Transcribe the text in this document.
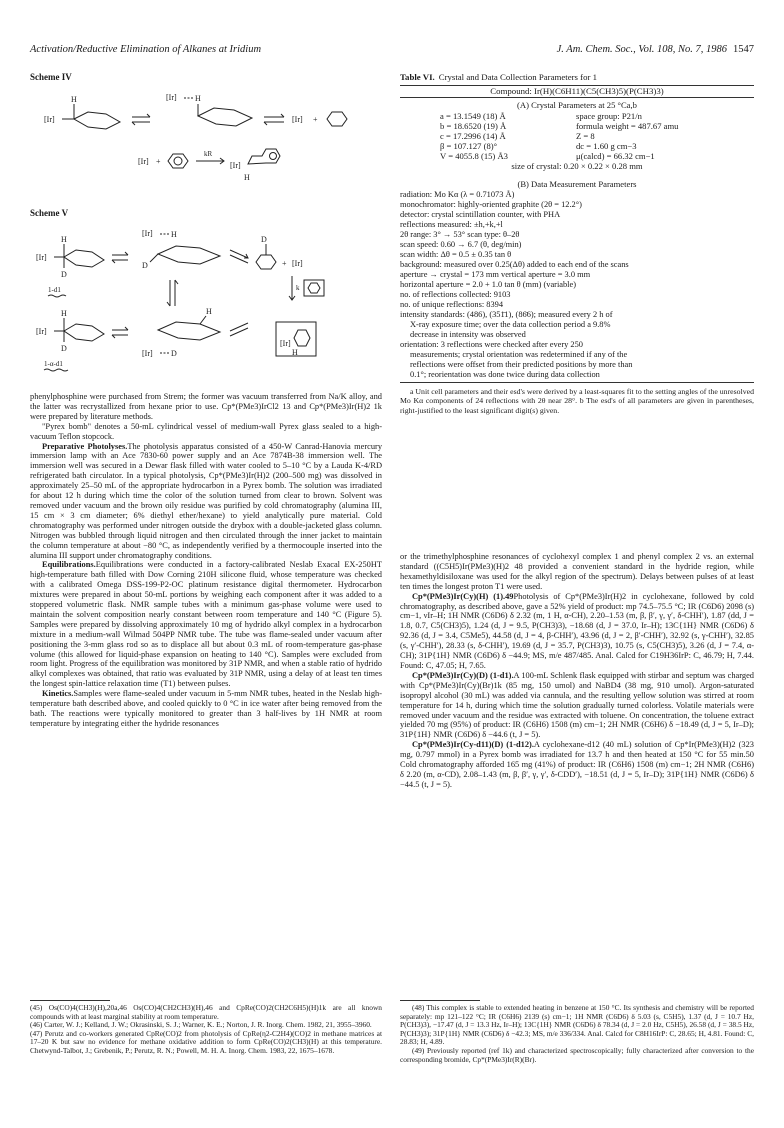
Activation/Reductive Elimination of Alkanes at Iridium	J. Am. Chem. Soc., Vol. 108, No. 7, 1986 1547
Scheme IV
[Ir]
H	[Ir] H
[Ir] +
[Ir] +
kR
[Ir]
H
Scheme V
[Ir]
H
D
1-d1
[Ir] H
D
D
+ [Ir]
k
[Ir]
H
D
1-α-d1
H
[Ir] D
[Ir]
H

phenylphosphine were purchased from Strem; the former was vacuum transferred from Na/K alloy, and the latter was recrystallized from hexane prior to use. Cp*(PMe3)IrCl2 13 and Cp*(PMe3)Ir(H)2 1k were prepared by literature methods.

"Pyrex bomb" denotes a 50-mL cylindrical vessel of medium-wall Pyrex glass sealed to a high-vacuum Teflon stopcock.

Preparative Photolyses.The photolysis apparatus consisted of a 450-W Canrad-Hanovia mercury immersion lamp with an Ace 7830-60 power supply and an Ace 7874B-38 immersion well. The immersion well was secured in a Dewar flask filled with water cooled to 5–10 °C by a Lauda K-4/RD refrigerated bath circulator. In a typical photolysis, Cp*(PMe3)Ir(H)2 (200–500 mg) was dissolved in approximately 25–50 mL of the appropriate hydrocarbon in a Pyrex bomb. The solution was irradiated for about 12 h during which time the color of the solution turned from clear to brown. Solvent was removed under vacuum and the brown oily residue was purified by cold chromatography (alumina III, 15 cm × 3 cm diameter; 6% diethyl ether/hexane) to yield analytically pure material. Cold chromatography was performed under nitrogen outside the drybox with a double-jacketed glass column. Nitrogen was bubbled through liquid nitrogen and then circulated through the inner jacket to maintain the column temperature at about −80 °C, as independently verified by a thermocouple inserted into the alumina III support under chromatography conditions.

Equilibrations.Equilibrations were conducted in a factory-calibrated Neslab Exacal EX-250HT high-temperature bath filled with Dow Corning 210H silicone fluid, whose temperature was checked with a calibrated Omega DSS-199-P2-OC platinum resistance digital thermometer. Hydrocarbon mixtures were prepared in about 50-mL portions by weighing each component after it was added to a stoppered volumetric flask. NMR sample tubes with a minimum gas-phase volume were used to maintain the solvent composition nearly constant between room temperature and 140 °C (Figure 5). Samples were prepared by dissolving approximately 10 mg of hydrido alkyl complex in a hydrocarbon mixture in a medium-wall Wilmad 504PP NMR tube. The tube was flame-sealed under vacuum after positioning the 3-mm glass rod so as to displace all but about 0.3 mL of room-temperature gas-phase volume (this allowed for liquid-phase expansion on heating to 140 °C). Samples were excluded from room light. Progress of the equilibration was monitored by 31P NMR, and when a stable ratio of hydrido alkyl complexes was obtained, that ratio was evaluated by 31P NMR, using a delay of at least ten times the longest spin-lattice relaxation time (T1) between pulses.

Kinetics.Samples were flame-sealed under vacuum in 5-mm NMR tubes, heated in the Neslab high-temperature bath described above, and cooled quickly to 0 °C in ice water after being removed from the bath. The reactions were typically monitored to greater than 3 half-lives by 1H NMR at room temperature by integrating either the hydride resonances

(45) Os(CO)4(CH3)(H),20a,46 Os(CO)4(CH2CH3)(H),46 and CpRe(CO)2(CH2C6H5)(H)1k are all known compounds with at least marginal stability at room temperature.

(46) Carter, W. J.; Kelland, J. W.; Okrasinski, S. J.; Warner, K. E.; Norton, J. R. Inorg. Chem. 1982, 21, 3955–3960.

(47) Perutz and co-workers generated CpRe(CO)2 from photolysis of CpRe(η2-C2H4)(CO)2 in methane matrices at 17–20 K but saw no evidence for methane oxidative addition to form CpRe(CO)2(CH3)(H) at this temperature. Chetwynd-Talbot, J.; Grebenik, P.; Perutz, R. N.; Powell, M. H. A. Inorg. Chem. 1983, 22, 1675–1678.

Table VI. Crystal and Data Collection Parameters for 1
Compound: Ir(H)(C6H11)(C5(CH3)5)(P(CH3)3)
(A) Crystal Parameters at 25 °Ca,b
a = 13.1549 (18) Å	space group: P21/n
b = 18.6520 (19) Å	formula weight = 487.67 amu
c = 17.2996 (14) Å	Z = 8
β = 107.127 (8)°	dc = 1.60 g cm−3
V = 4055.8 (15) Å3	μ(calcd) = 66.32 cm−1
size of crystal: 0.20 × 0.22 × 0.28 mm
(B) Data Measurement Parameters
radiation: Mo Kα (λ = 0.71073 Å)
monochromator: highly-oriented graphite (2θ = 12.2°)
detector: crystal scintillation counter, with PHA
reflections measured: ±h,+k,+l
2θ range: 3° → 53° scan type: θ–2θ
scan speed: 0.60 → 6.7 (θ, deg/min)
scan width: Δθ = 0.5 ± 0.35 tan θ
background: measured over 0.25(Δθ) added to each end of the scans
aperture → crystal = 173 mm vertical aperture = 3.0 mm
horizontal aperture = 2.0 + 1.0 tan θ (mm) (variable)
no. of reflections collected: 9103
no. of unique reflections: 8394
intensity standards: (486), (351̄1), (86̄6); measured every 2 h of
X-ray exposure time; over the data collection period a 9.8%
decrease in intensity was observed
orientation: 3 reflections were checked after every 250
measurements; crystal orientation was redetermined if any of the
reflections were offset from their predicted positions by more than
0.1°; reorientation was done twice during data collection
a Unit cell parameters and their esd's were derived by a least-squares fit to the setting angles of the unresolved Mo Kα components of 24 reflections with 2θ near 28°. b The esd's of all parameters are given in parentheses, right-justified to the least significant digit(s) given.

or the trimethylphosphine resonances of cyclohexyl complex 1 and phenyl complex 2 vs. an external standard ((C5H5)Ir(PMe3)(H)2 48 provided a convenient standard in the hydride region, while hexamethyldisiloxane was used for the alkyl region of the spectrum). Delays between pulses of at least ten times the longest proton T1 were used.

Cp*(PMe3)Ir(Cy)(H) (1).49Photolysis of Cp*(PMe3)Ir(H)2 in cyclohexane, followed by cold chromatography, as described above, gave a 52% yield of product: mp 74.5–75.5 °C; IR (C6D6) 2098 (s) cm−1, νIr–H; 1H NMR (C6D6) δ 2.32 (m, 1 H, α-CH), 2.20–1.53 (m, β, β′, γ, γ′, δ-CHH′), 1.87 (dd, J = 1.8, 0.7, C5(CH3)5), 1.24 (d, J = 9.5, P(CH3)3), −18.68 (d, J = 37.0, Ir–H); 13C{1H} NMR (C6D6) δ 92.36 (d, J = 3.4, C5Me5), 44.58 (d, J = 4, β-CHH′), 43.96 (d, J = 2, β′-CHH′), 32.92 (s, γ-CHH′), 32.85 (s, γ′-CHH′), 28.33 (s, δ-CHH′), 19.69 (d, J = 35.7, P(CH3)3), 10.75 (s, C5(CH3)5), 3.26 (d, J = 7.4, α-CH); 31P{1H} NMR (C6D6) δ −44.9; MS, m/e 487/485. Anal. Calcd for C19H36IrP: C, 46.79; H, 7.44. Found: C, 47.05; H, 7.65.

Cp*(PMe3)Ir(Cy)(D) (1-d1).A 100-mL Schlenk flask equipped with stirbar and septum was charged with Cp*(PMe3)Ir(Cy)(Br)1k (85 mg, 150 umol) and NaBD4 (38 mg, 910 umol). Argon-saturated isopropyl alcohol (30 mL) was added via cannula, and the resulting yellow solution was stirred at room temperature for 14 h, during which time the solution gradually turned colorless. Volatile materials were removed under vacuum and the residue was extracted with toluene. On concentration, the toluene extract yielded 70 mg (95%) of product: IR (C6H6) 1508 (m) cm−1; 2H NMR (C6H6) δ −18.49 (d, J = 5, Ir–D); 31P{1H} NMR (C6D6) δ −44.6 (t, J = 5).

Cp*(PMe3)Ir(Cy-d11)(D) (1-d12).A cyclohexane-d12 (40 mL) solution of Cp*Ir(PMe3)(H)2 (323 mg, 0.797 mmol) in a Pyrex bomb was irradiated for 13.7 h and then heated at 150 °C for 55 min.50 Cold chromatography afforded 165 mg (41%) of product: IR (C6H6) 1508 (m) cm−1; 2H NMR (C6H6) δ 2.20 (m, α-CD), 2.08–1.43 (m, β, β′, γ, γ′, δ-CDD′), −18.51 (d, J = 5, Ir–D); 31P{1H} NMR (C6D6) δ −44.5 (t, J = 5).

(48) This complex is stable to extended heating in benzene at 150 °C. Its synthesis and chemistry will be reported separately: mp 121–122 °C; IR (C6H6) 2139 (s) cm−1; 1H NMR (C6D6) δ 5.03 (s, C5H5), 1.37 (d, J = 10.7 Hz, P(CH3)3), −17.47 (d, J = 13.3 Hz, Ir–H); 13C{1H} NMR (C6D6) δ 78.34 (d, J = 2.0 Hz, C5H5), 26.58 (d, J = 38.5 Hz, P(CH3)3); 31P{1H} NMR (C6D6) δ −42.3; MS, m/e 336/334. Anal. Calcd for C8H16IrP: C, 28.65; H, 4.81. Found: C, 28.83; H, 4.89.

(49) Previously reported (ref 1k) and characterized spectroscopically; fully characterized after conversion to the corresponding bromide, Cp*(PMe3)Ir(R)(Br).
